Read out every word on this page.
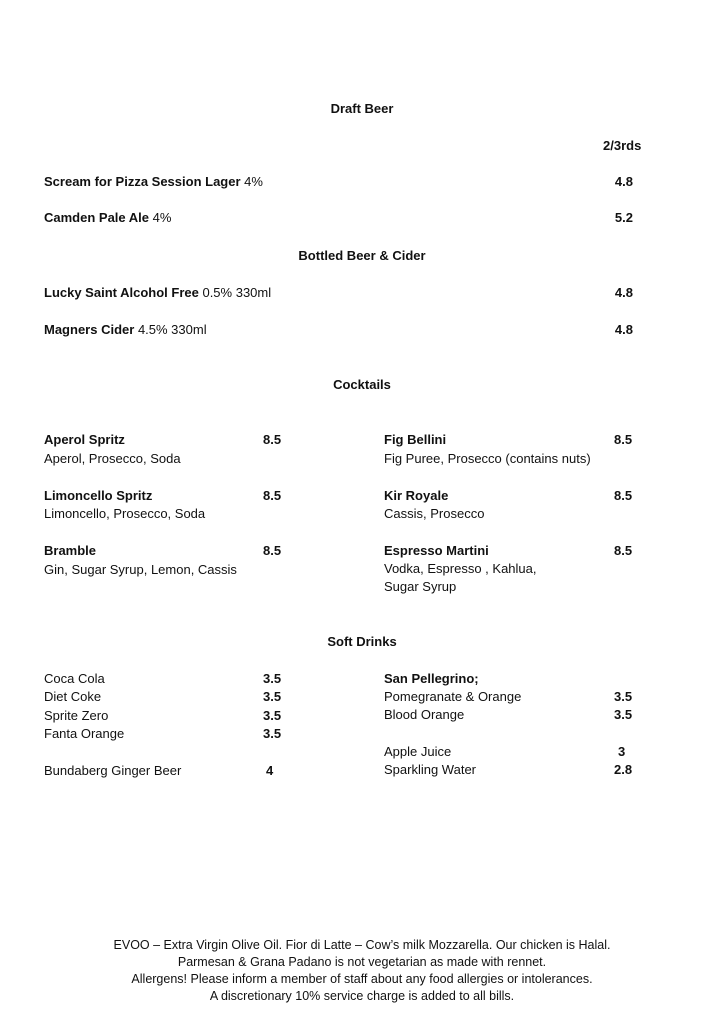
Draft Beer
2/3rds
Scream for Pizza Session Lager 4%	4.8
Camden Pale Ale 4%	5.2
Bottled Beer & Cider
Lucky Saint Alcohol Free 0.5% 330ml	4.8
Magners Cider 4.5% 330ml	4.8
Cocktails
Aperol Spritz	8.5
Aperol, Prosecco, Soda
Limoncello Spritz	8.5
Limoncello, Prosecco, Soda
Bramble	8.5
Gin, Sugar Syrup, Lemon, Cassis
Fig Bellini	8.5
Fig Puree, Prosecco (contains nuts)
Kir Royale	8.5
Cassis, Prosecco
Espresso Martini	8.5
Vodka, Espresso , Kahlua,
Sugar Syrup
Soft Drinks
Coca Cola	3.5
Diet Coke	3.5
Sprite Zero	3.5
Fanta Orange	3.5
Bundaberg Ginger Beer	4
San Pellegrino;
Pomegranate & Orange	3.5
Blood Orange	3.5
Apple Juice	3
Sparkling Water	2.8
EVOO – Extra Virgin Olive Oil. Fior di Latte – Cow’s milk Mozzarella. Our chicken is Halal.
Parmesan & Grana Padano is not vegetarian as made with rennet.
Allergens! Please inform a member of staff about any food allergies or intolerances.
A discretionary 10% service charge is added to all bills.
